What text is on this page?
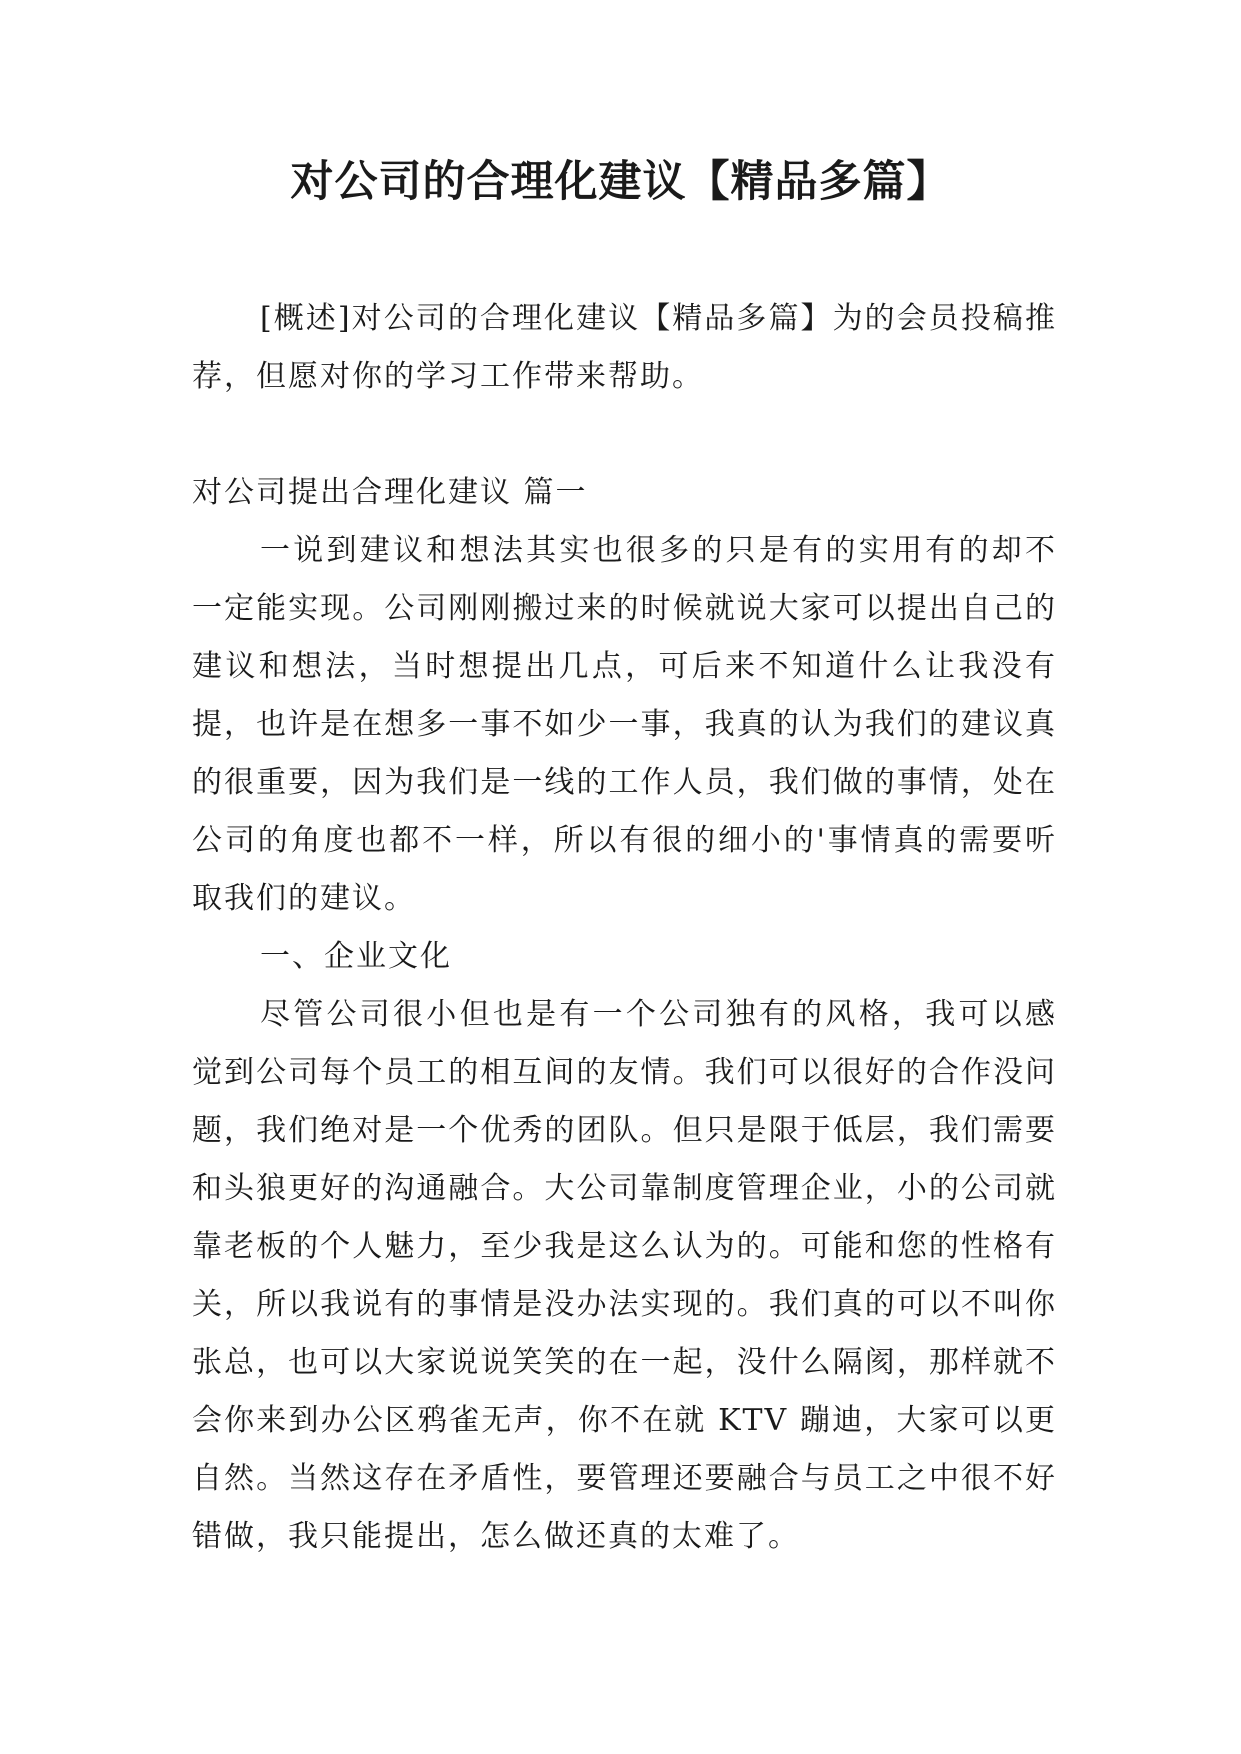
对公司的合理化建议【精品多篇】

[概述]对公司的合理化建议【精品多篇】为的会员投稿推荐，但愿对你的学习工作带来帮助。

对公司提出合理化建议 篇一

一说到建议和想法其实也很多的只是有的实用有的却不一定能实现。公司刚刚搬过来的时候就说大家可以提出自己的建议和想法，当时想提出几点，可后来不知道什么让我没有提，也许是在想多一事不如少一事，我真的认为我们的建议真的很重要，因为我们是一线的工作人员，我们做的事情，处在公司的角度也都不一样，所以有很的细小的'事情真的需要听取我们的建议。

一、企业文化

尽管公司很小但也是有一个公司独有的风格，我可以感觉到公司每个员工的相互间的友情。我们可以很好的合作没问题，我们绝对是一个优秀的团队。但只是限于低层，我们需要和头狼更好的沟通融合。大公司靠制度管理企业，小的公司就靠老板的个人魅力，至少我是这么认为的。可能和您的性格有关，所以我说有的事情是没办法实现的。我们真的可以不叫你张总，也可以大家说说笑笑的在一起，没什么隔阂，那样就不会你来到办公区鸦雀无声，你不在就 KTV 蹦迪，大家可以更自然。当然这存在矛盾性，要管理还要融合与员工之中很不好错做，我只能提出，怎么做还真的太难了。
